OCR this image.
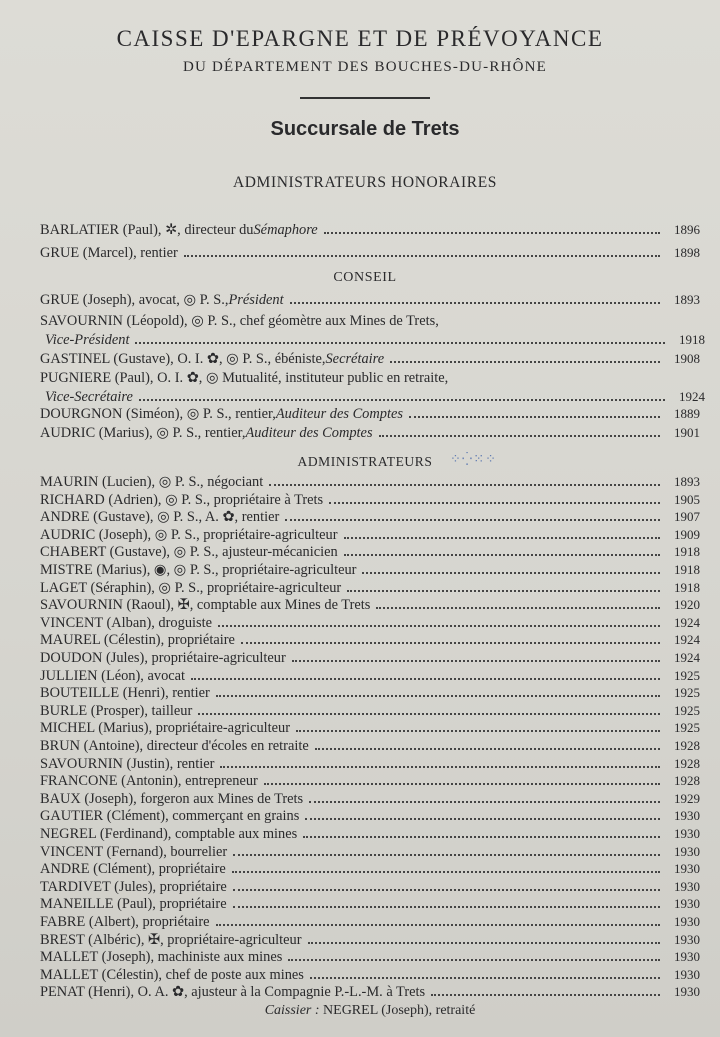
CAISSE D'EPARGNE ET DE PRÉVOYANCE
DU DÉPARTEMENT DES BOUCHES-DU-RHÔNE
Succursale de Trets
ADMINISTRATEURS HONORAIRES
CONSEIL
ADMINISTRATEURS	⁘⁛⁙⁘
BARLATIER (Paul), ✲, directeur du Sémaphore	1896
GRUE (Marcel), rentier	1898
GRUE (Joseph), avocat, ◎ P. S., Président	1893
SAVOURNIN (Léopold), ◎ P. S., chef géomètre aux Mines de Trets,
Vice-Président	1918
GASTINEL (Gustave), O. I. ✿, ◎ P. S., ébéniste, Secrétaire	1908
PUGNIERE (Paul), O. I. ✿, ◎ Mutualité, instituteur public en retraite,
Vice-Secrétaire	1924
DOURGNON (Siméon), ◎ P. S., rentier, Auditeur des Comptes	1889
AUDRIC (Marius), ◎ P. S., rentier, Auditeur des Comptes	1901
MAURIN (Lucien), ◎ P. S., négociant	1893
RICHARD (Adrien), ◎ P. S., propriétaire à Trets	1905
ANDRE (Gustave), ◎ P. S., A. ✿, rentier	1907
AUDRIC (Joseph), ◎ P. S., propriétaire-agriculteur	1909
CHABERT (Gustave), ◎ P. S., ajusteur-mécanicien	1918
MISTRE (Marius), ◉, ◎ P. S., propriétaire-agriculteur	1918
LAGET (Séraphin), ◎ P. S., propriétaire-agriculteur	1918
SAVOURNIN (Raoul), ✠, comptable aux Mines de Trets	1920
VINCENT (Alban), droguiste	1924
MAUREL (Célestin), propriétaire	1924
DOUDON (Jules), propriétaire-agriculteur	1924
JULLIEN (Léon), avocat	1925
BOUTEILLE (Henri), rentier	1925
BURLE (Prosper), tailleur	1925
MICHEL (Marius), propriétaire-agriculteur	1925
BRUN (Antoine), directeur d'écoles en retraite	1928
SAVOURNIN (Justin), rentier	1928
FRANCONE (Antonin), entrepreneur	1928
BAUX (Joseph), forgeron aux Mines de Trets	1929
GAUTIER (Clément), commerçant en grains	1930
NEGREL (Ferdinand), comptable aux mines	1930
VINCENT (Fernand), bourrelier	1930
ANDRE (Clément), propriétaire	1930
TARDIVET (Jules), propriétaire	1930
MANEILLE (Paul), propriétaire	1930
FABRE (Albert), propriétaire	1930
BREST (Albéric), ✠, propriétaire-agriculteur	1930
MALLET (Joseph), machiniste aux mines	1930
MALLET (Célestin), chef de poste aux mines	1930
PENAT (Henri), O. A. ✿, ajusteur à la Compagnie P.-L.-M. à Trets	1930
Caissier : NEGREL (Joseph), retraité
